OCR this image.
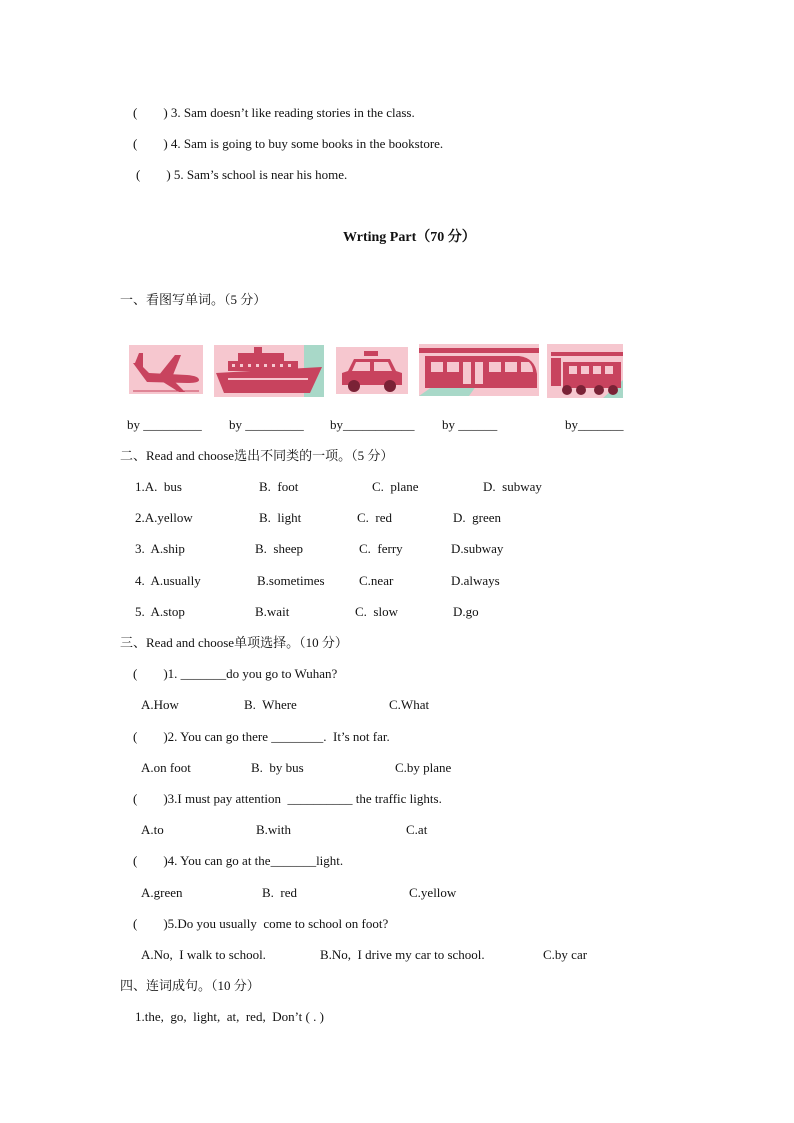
(        ) 3. Sam doesn’t like reading stories in the class.
(        ) 4. Sam is going to buy some books in the bookstore.
(        ) 5. Sam’s school is near his home.
Wrting Part（70 分）
一、看图写单词。（5 分）
by _________ by _________ by___________ by ______	by_______
二、Read and choose选出不同类的一项。（5 分）
1.A.  bus	B.  foot	C.  plane	D.  subway
2.A.yellow	B.  light	C.  red	D.  green
3.  A.ship	B.  sheep	C.  ferry	D.subway
4.  A.usually	B.sometimes	C.near	D.always
5.  A.stop	B.wait	C.  slow	D.go
三、Read and choose单项选择。（10 分）
(        )1. _______do you go to Wuhan?
A.How	B.  Where	C.What
(        )2. You can go there ________.  It’s not far.
A.on foot	B.  by bus	C.by plane
(        )3.I must pay attention  __________ the traffic lights.
A.to	B.with	C.at
(        )4. You can go at the_______light.
A.green	B.  red	C.yellow
(        )5.Do you usually  come to school on foot?
A.No,  I walk to school.	B.No,  I drive my car to school.	C.by car
四、连词成句。（10 分）
1.the,  go,  light,  at,  red,  Don’t ( . )
